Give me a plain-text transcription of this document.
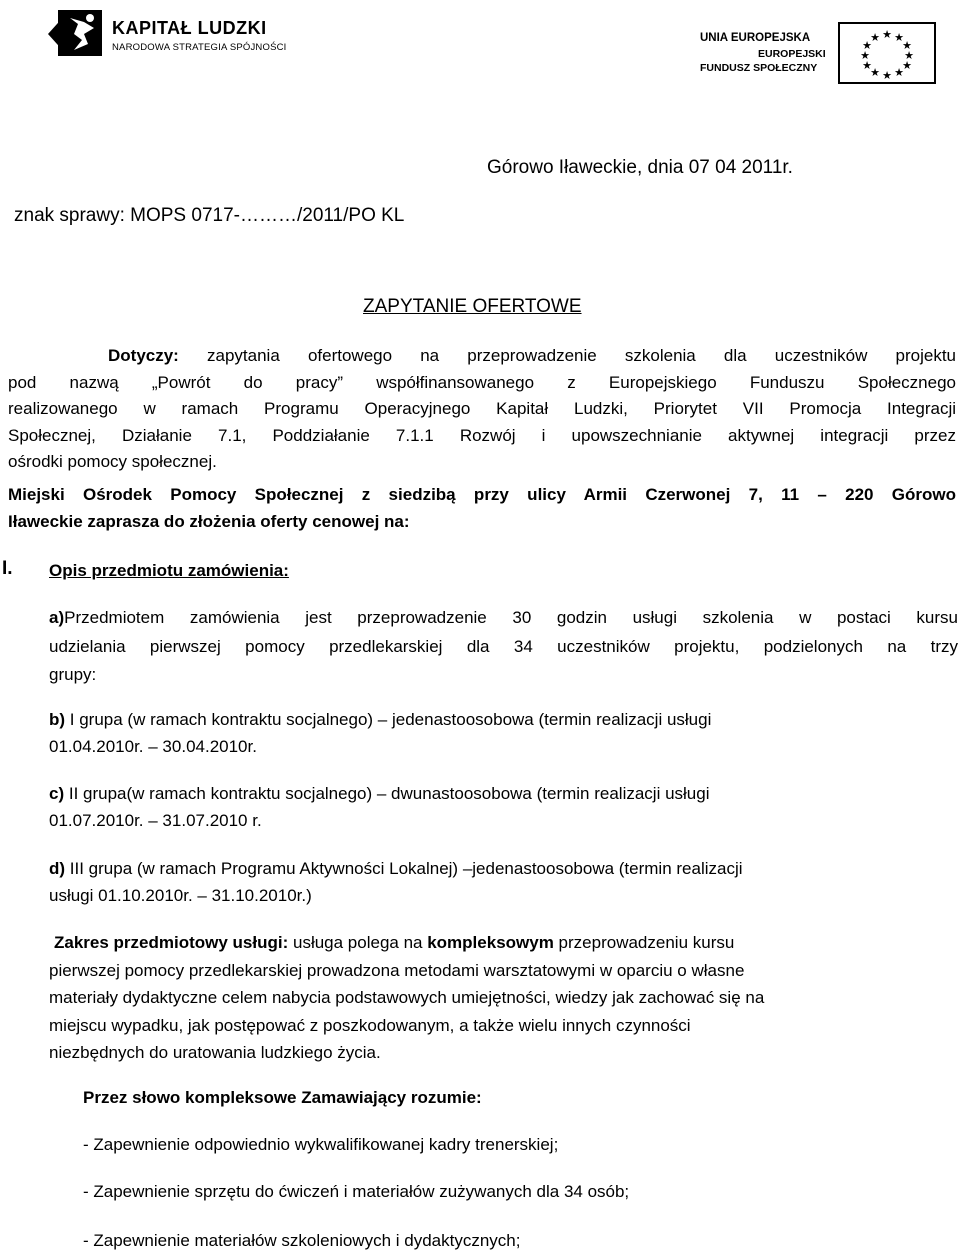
KAPITAŁ LUDZKI
NARODOWA STRATEGIA SPÓJNOŚCI
UNIA EUROPEJSKA
EUROPEJSKI
FUNDUSZ SPOŁECZNY
★ ★
★
★
★
★
★
★
★
★
★
★
Górowo Iławeckie, dnia 07 04 2011r.
znak sprawy: MOPS 0717-………/2011/PO KL
ZAPYTANIE OFERTOWE
Dotyczy: zapytania ofertowego na przeprowadzenie szkolenia dla uczestników projektu
pod nazwą „Powrót do pracy” współfinansowanego z Europejskiego Funduszu Społecznego
realizowanego w ramach Programu Operacyjnego Kapitał Ludzki, Priorytet VII Promocja Integracji
Społecznej, Działanie 7.1, Poddziałanie 7.1.1 Rozwój i upowszechnianie aktywnej integracji przez
ośrodki pomocy społecznej.
Miejski Ośrodek Pomocy Społecznej z siedzibą przy ulicy Armii Czerwonej 7, 11 – 220 Górowo
Iławeckie zaprasza do złożenia oferty cenowej na:
I. Opis przedmiotu zamówienia:
a)Przedmiotem zamówienia jest przeprowadzenie 30 godzin usługi szkolenia w postaci kursu
udzielania pierwszej pomocy przedlekarskiej dla 34 uczestników projektu, podzielonych na trzy
grupy:
b) I grupa (w ramach kontraktu socjalnego) – jedenastoosobowa (termin realizacji usługi
01.04.2010r. – 30.04.2010r.
c) II grupa(w ramach kontraktu socjalnego) – dwunastoosobowa (termin realizacji usługi
01.07.2010r. – 31.07.2010 r.
d) III grupa (w ramach Programu Aktywności Lokalnej) –jedenastoosobowa (termin realizacji
usługi 01.10.2010r. – 31.10.2010r.)
Zakres przedmiotowy usługi: usługa polega na kompleksowym przeprowadzeniu kursu
pierwszej pomocy przedlekarskiej prowadzona metodami warsztatowymi w oparciu o własne
materiały dydaktyczne celem nabycia podstawowych umiejętności, wiedzy jak zachować się na
miejscu wypadku, jak postępować z poszkodowanym, a także wielu innych czynności
niezbędnych do uratowania ludzkiego życia.
Przez słowo kompleksowe Zamawiający rozumie:
- Zapewnienie odpowiednio wykwalifikowanej kadry trenerskiej;
- Zapewnienie sprzętu do ćwiczeń i materiałów zużywanych dla 34 osób;
- Zapewnienie materiałów szkoleniowych i dydaktycznych;
